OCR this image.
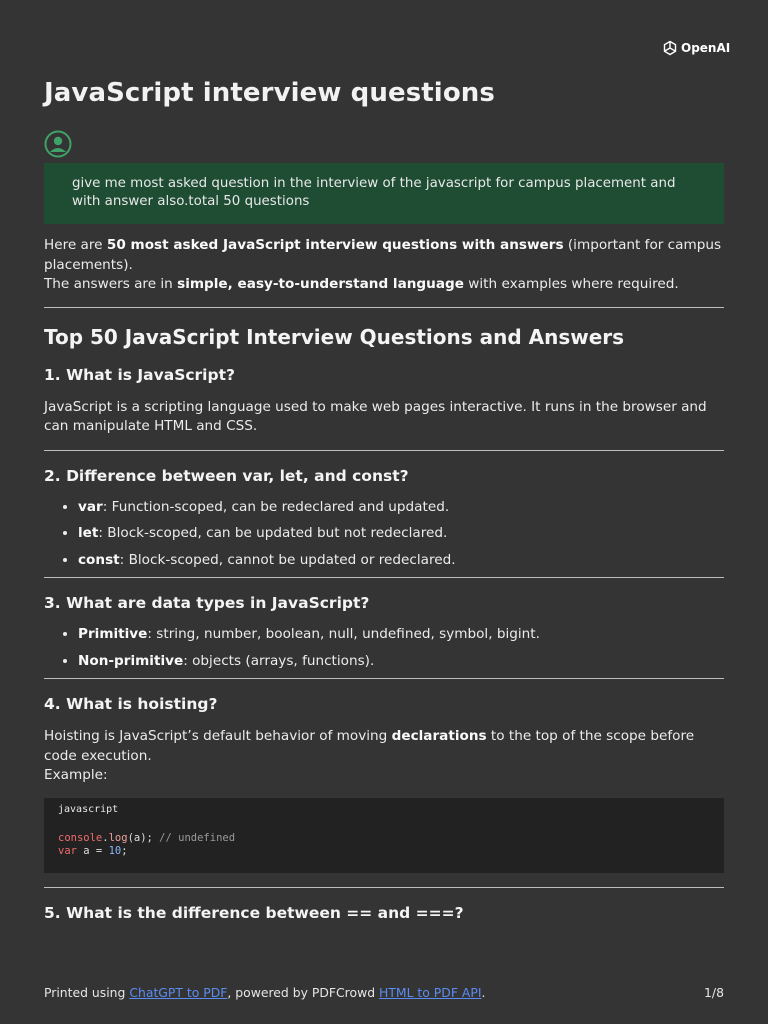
OpenAI
JavaScript interview questions
give me most asked question in the interview of the javascript for campus placement and with answer also.total 50 questions

Here are 50 most asked JavaScript interview questions with answers (important for campus placements).
The answers are in simple, easy-to-understand language with examples where required.

Top 50 JavaScript Interview Questions and Answers
1. What is JavaScript?

JavaScript is a scripting language used to make web pages interactive. It runs in the browser and can manipulate HTML and CSS.

2. Difference between var, let, and const?
• var: Function-scoped, can be redeclared and updated.
• let: Block-scoped, can be updated but not redeclared.
• const: Block-scoped, cannot be updated or redeclared.
3. What are data types in JavaScript?
• Primitive: string, number, boolean, null, undefined, symbol, bigint.
• Non-primitive: objects (arrays, functions).
4. What is hoisting?

Hoisting is JavaScript’s default behavior of moving declarations to the top of the scope before code execution.
Example:

javascript
console.log(a); // undefined
var a = 10;
5. What is the difference between == and ===?
Printed using ChatGPT to PDF, powered by PDFCrowd HTML to PDF API.	1/8
